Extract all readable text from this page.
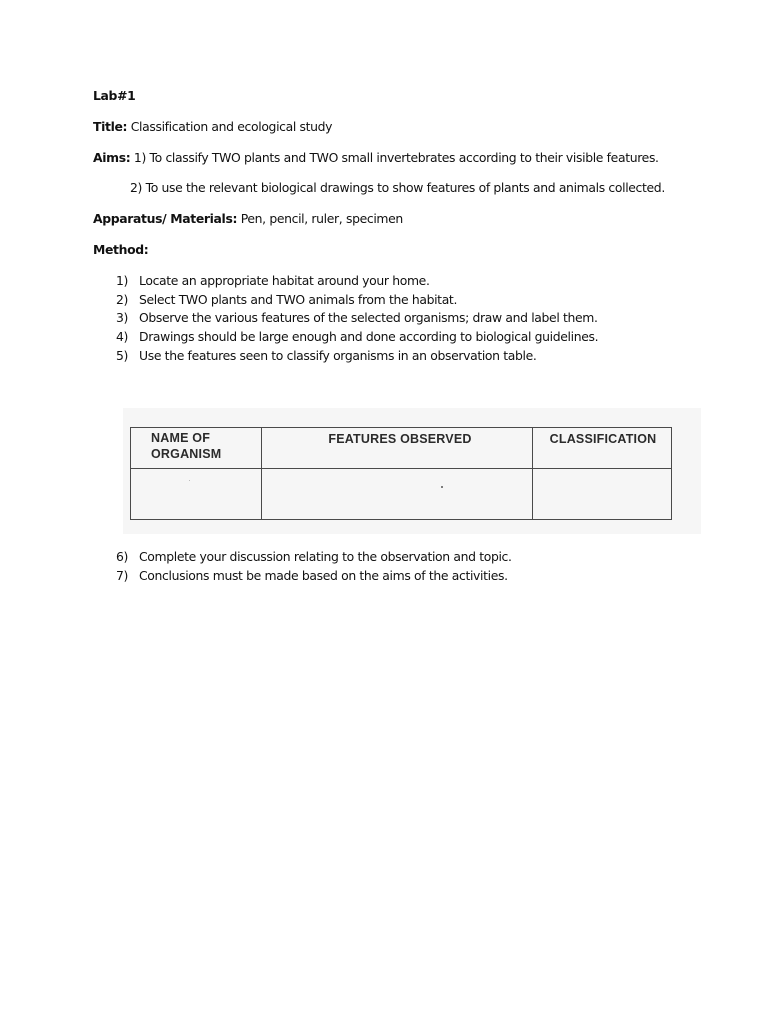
Lab#1
Title: Classification and ecological study
Aims: 1) To classify TWO plants and TWO small invertebrates according to their visible features.
2) To use the relevant biological drawings to show features of plants and animals collected.
Apparatus/ Materials: Pen, pencil, ruler, specimen
Method:
1) Locate an appropriate habitat around your home.
2) Select TWO plants and TWO animals from the habitat.
3) Observe the various features of the selected organisms; draw and label them.
4) Drawings should be large enough and done according to biological guidelines.
5) Use the features seen to classify organisms in an observation table.
NAME OF ORGANISM	FEATURES OBSERVED	CLASSIFICATION

6) Complete your discussion relating to the observation and topic.
7) Conclusions must be made based on the aims of the activities.
